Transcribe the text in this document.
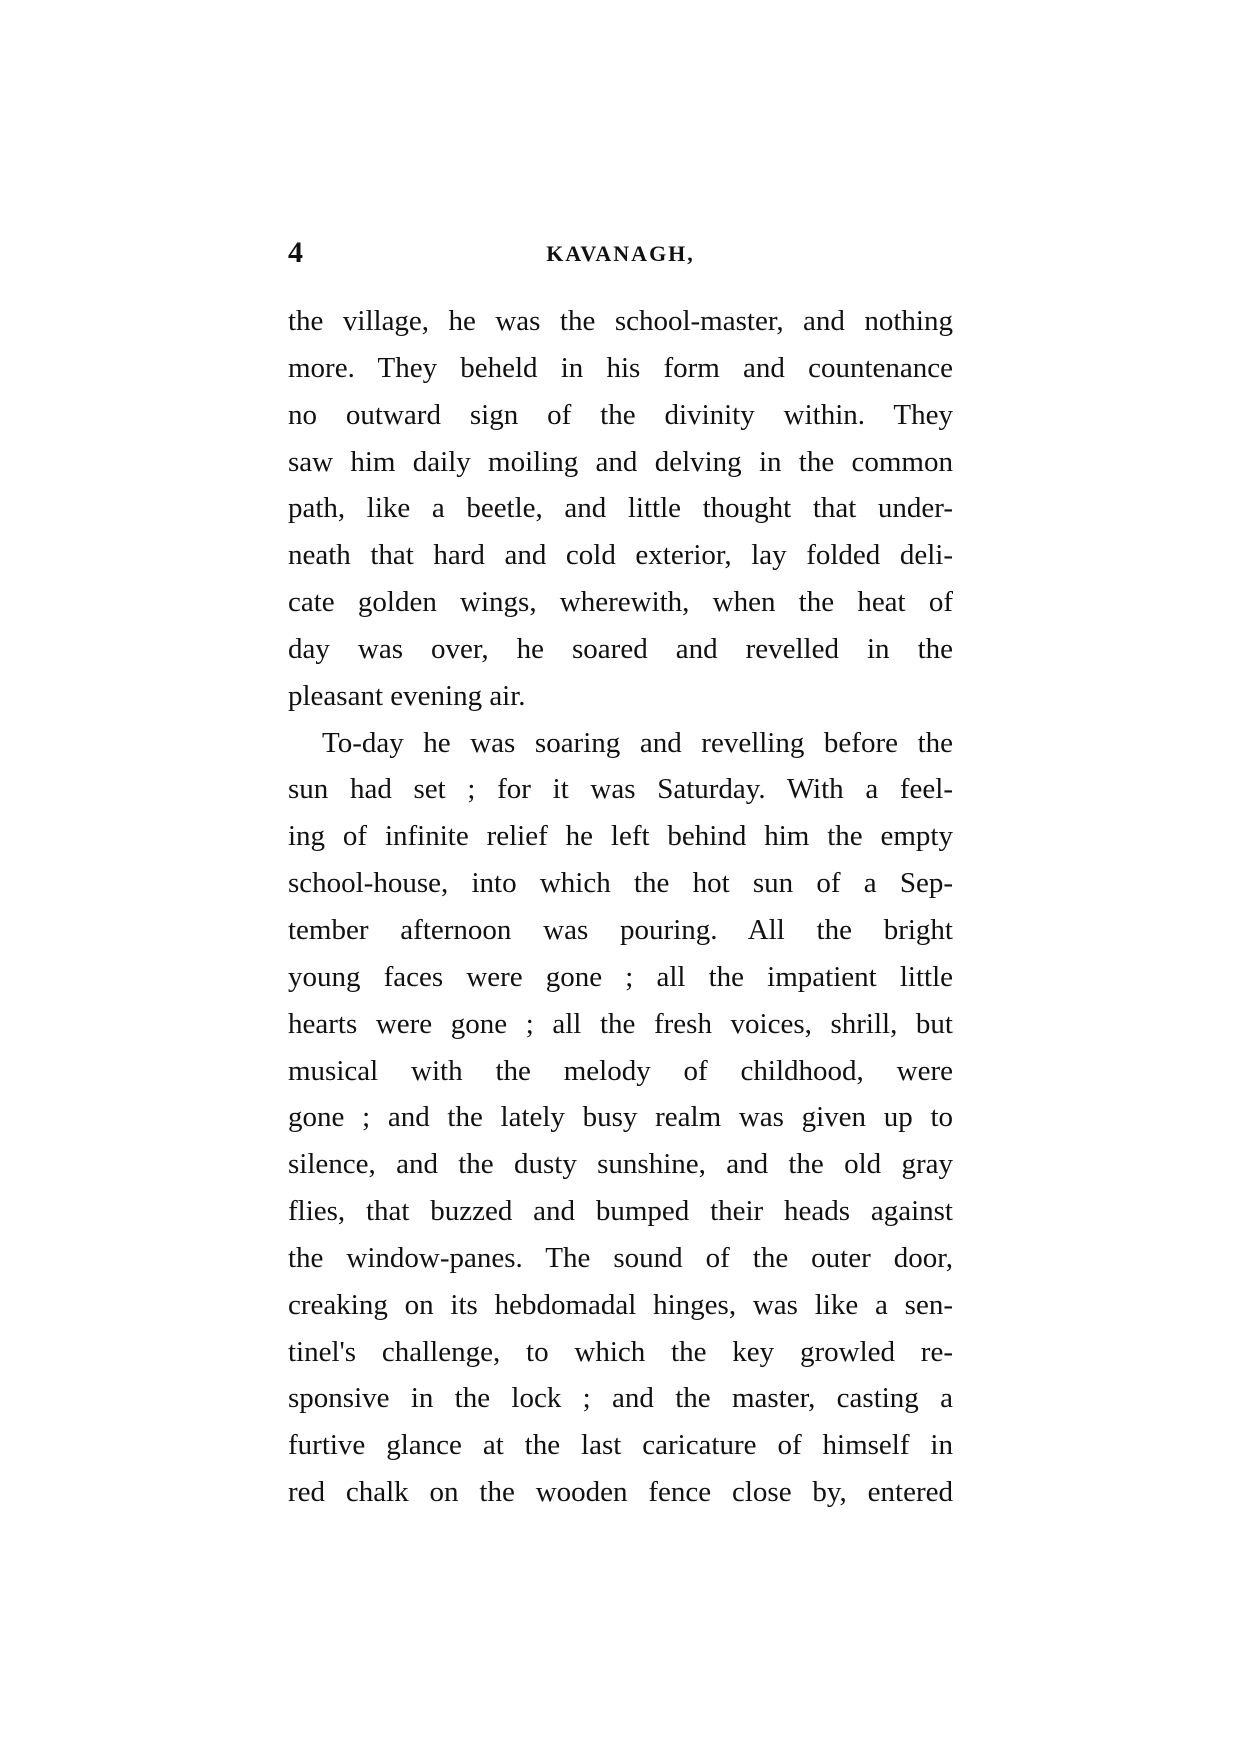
4	KAVANAGH,
the village, he was the school-master, and nothing
more. They beheld in his form and countenance
no outward sign of the divinity within. They
saw him daily moiling and delving in the common
path, like a beetle, and little thought that under-
neath that hard and cold exterior, lay folded deli-
cate golden wings, wherewith, when the heat of
day was over, he soared and revelled in the
pleasant evening air.
To-day he was soaring and revelling before the
sun had set ; for it was Saturday. With a feel-
ing of infinite relief he left behind him the empty
school-house, into which the hot sun of a Sep-
tember afternoon was pouring. All the bright
young faces were gone ; all the impatient little
hearts were gone ; all the fresh voices, shrill, but
musical with the melody of childhood, were
gone ; and the lately busy realm was given up to
silence, and the dusty sunshine, and the old gray
flies, that buzzed and bumped their heads against
the window-panes. The sound of the outer door,
creaking on its hebdomadal hinges, was like a sen-
tinel's challenge, to which the key growled re-
sponsive in the lock ; and the master, casting a
furtive glance at the last caricature of himself in
red chalk on the wooden fence close by, entered
